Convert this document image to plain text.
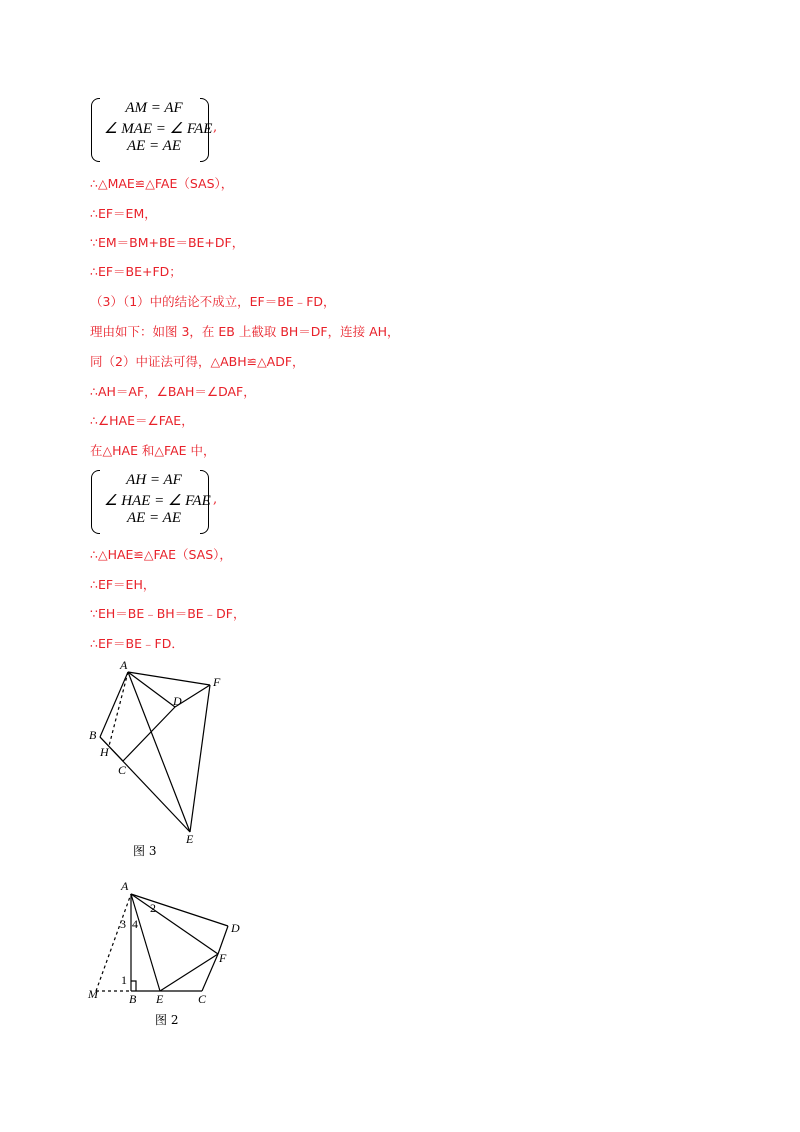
AM = AF
∠ MAE = ∠ FAE
AE = AE
,
∴△MAE≌△FAE（SAS），
∴EF＝EM，
∵EM＝BM+BE＝BE+DF，
∴EF＝BE+FD；
（3）（1）中的结论不成立，EF＝BE﹣FD，
理由如下：如图 3，在 EB 上截取 BH＝DF，连接 AH，
同（2）中证法可得，△ABH≌△ADF，
∴AH＝AF，∠BAH＝∠DAF，
∴∠HAE＝∠FAE，
在△HAE 和△FAE 中，
AH = AF
∠ HAE = ∠ FAE
AE = AE
,
∴△HAE≌△FAE（SAS），
∴EF＝EH，
∵EH＝BE﹣BH＝BE﹣DF，
∴EF＝BE﹣FD．
A
F
D
B
H
C
E
图 3
A
D
F
M	B E	C
1
2
3 4
图 2
